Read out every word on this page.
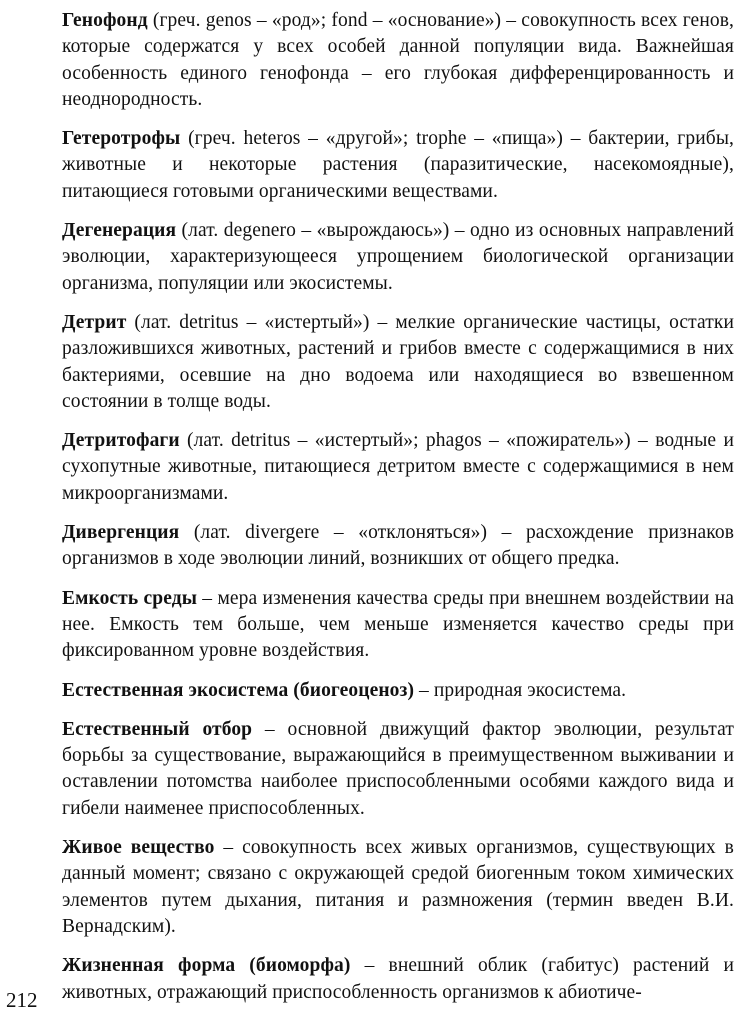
Генофонд (греч. genos – «род»; fond – «основание») – совокупность всех генов, которые содержатся у всех особей данной популяции вида. Важнейшая особенность единого генофонда – его глубокая дифференцированность и неоднородность.

Гетеротрофы (греч. heteros – «другой»; trophe – «пища») – бактерии, грибы, животные и некоторые растения (паразитические, насекомоядные), питающиеся готовыми органическими веществами.

Дегенерация (лат. degenero – «вырождаюсь») – одно из основных направлений эволюции, характеризующееся упрощением биологической организации организма, популяции или экосистемы.

Детрит (лат. detritus – «истертый») – мелкие органические частицы, остатки разложившихся животных, растений и грибов вместе с содержащимися в них бактериями, осевшие на дно водоема или находящиеся во взвешенном состоянии в толще воды.

Детритофаги (лат. detritus – «истертый»; phagos – «пожиратель») – водные и сухопутные животные, питающиеся детритом вместе с содержащимися в нем микроорганизмами.

Дивергенция (лат. divergere – «отклоняться») – расхождение признаков организмов в ходе эволюции линий, возникших от общего предка.

Емкость среды – мера изменения качества среды при внешнем воздействии на нее. Емкость тем больше, чем меньше изменяется качество среды при фиксированном уровне воздействия.

Естественная экосистема (биогеоценоз) – природная экосистема.

Естественный отбор – основной движущий фактор эволюции, результат борьбы за существование, выражающийся в преимущественном выживании и оставлении потомства наиболее приспособленными особями каждого вида и гибели наименее приспособленных.

Живое вещество – совокупность всех живых организмов, существующих в данный момент; связано с окружающей средой биогенным током химических элементов путем дыхания, питания и размножения (термин введен В.И. Вернадским).

Жизненная форма (биоморфа) – внешний облик (габитус) растений и животных, отражающий приспособленность организмов к абиотиче-

212
